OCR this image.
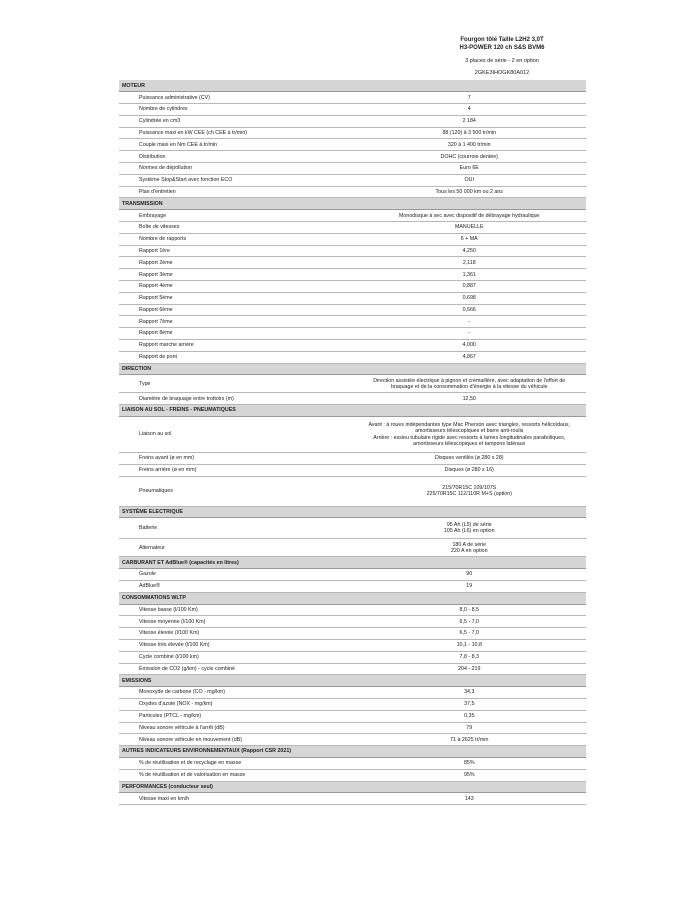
Fourgon tôlé Taille L2H2 3,0T
H3-POWER 120 ch S&S BVM6
3 places de série - 2 en option
2GKE3IHOGK80A012
MOTEUR	
Puissance administrative (CV)	7

Nombre de cylindres	4

Cylindrée en cm3	2 184

Puissance maxi en kW CEE (ch CEE à tr/min)	88 (120) à 3 500 tr/min

Couple maxi en Nm CEE à tr/min	320 à 1 400 tr/min

Distribution	DOHC (courroie dentée)

Normes de dépollution	Euro 6E

Système Stop&Start avec fonction ECO	OUI

Plan d'entretien	Tous les 50 000 km ou 2 ans

TRANSMISSION	
Embrayage	Monodisque à sec avec dispositif de débrayage hydraulique

Boîte de vitesses	MANUELLE

Nombre de rapports	6 + MA

Rapport 1ère	4,250

Rapport 2ème	2,118

Rapport 3ème	1,361

Rapport 4ème	0,887

Rapport 5ème	0,698

Rapport 6ème	0,566

Rapport 7ème	-

Rapport 8ème	-

Rapport marche arrière	4,000

Rapport de pont	4,867

DIRECTION	
Type	Direction assistée électrique à pignon et crémaillère, avec adaptation de l'effort de
braquage et de la consommation d'énergie à la vitesse du véhicule

Diamètre de braquage entre trottoirs (m)	12,50

LIAISON AU SOL - FREINS - PNEUMATIQUES	
Liaison au sol	Avant : à roues indépendantes type Mac Pherson avec triangles, ressorts hélicoïdaux,
amortisseurs télescopiques et barre anti-roulis
Arrière : essieu tubulaire rigide avec ressorts à lames longitudinales paraboliques,
amortisseurs télescopiques et tampons latéraux

Freins avant (ø en mm)	Disques ventilés (ø 280 x 28)

Freins arrière (ø en mm)	Disques (ø 280 x 16)

Pneumatiques	215/70R15C 109/107S
225/70R15C 112/110R M+S (option)

SYSTÈME ELECTRIQUE	
Batterie	95 Ah (L5) de série
105 Ah (L6) en option

Alternateur	180 A de série
220 A en option

CARBURANT ET AdBlue® (capacités en litres)	
Gazole	90

AdBlue®	19

CONSOMMATIONS WLTP	
Vitesse basse (l/100 Km)	8,0 - 8,5

Vitesse moyenne (l/100 Km)	6,5 - 7,0

Vitesse élevée (l/100 Km)	6,5 - 7,0

Vitesse très élevée (l/100 Km)	10,1 - 10,8

Cycle combiné (l/100 km)	7,8 - 8,3

Émission de CO2 (g/km) - cycle combiné	204 - 219

EMISSIONS	
Monoxyde de carbone (CO - mg/km)	34,3

Oxydes d'azote (NOX - mg/km)	37,5

Particules (PTCL - mg/km)	0,35

Niveau sonore véhicule à l'arrêt (dB)	79

Niveau sonore véhicule en mouvement (dB)	71 à 2625 tr/min

AUTRES INDICATEURS ENVIRONNEMENTAUX (Rapport CSR 2021)	
% de réutilisation et de recyclage en masse	85%

% de réutilisation et de valorisation en masse	95%

PERFORMANCES (conducteur seul)	
Vitesse maxi en km/h	143
